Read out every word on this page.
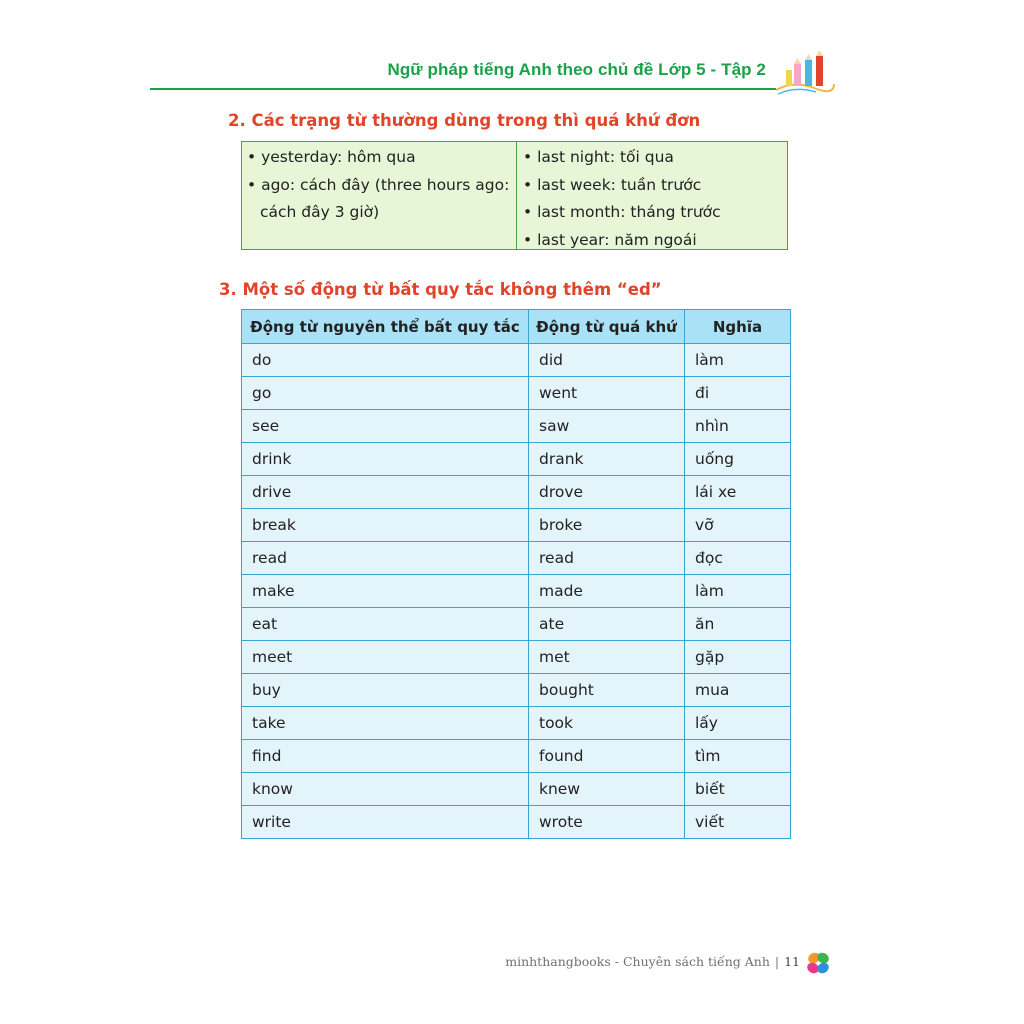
Ngữ pháp tiếng Anh theo chủ đề Lớp 5 - Tập 2
2. Các trạng từ thường dùng trong thì quá khứ đơn
• yesterday: hôm qua
• ago: cách đây (three hours ago: cách đây 3 giờ)
• last night: tối qua
• last week: tuần trước
• last month: tháng trước
• last year: năm ngoái
3. Một số động từ bất quy tắc không thêm “ed”
Động từ nguyên thể bất quy tắc	Động từ quá khứ	Nghĩa
do	did	làm
go	went	đi
see	saw	nhìn
drink	drank	uống
drive	drove	lái xe
break	broke	vỡ
read	read	đọc
make	made	làm
eat	ate	ăn
meet	met	gặp
buy	bought	mua
take	took	lấy
find	found	tìm
know	knew	biết
write	wrote	viết
minhthangbooks - Chuyên sách tiếng Anh | 11
